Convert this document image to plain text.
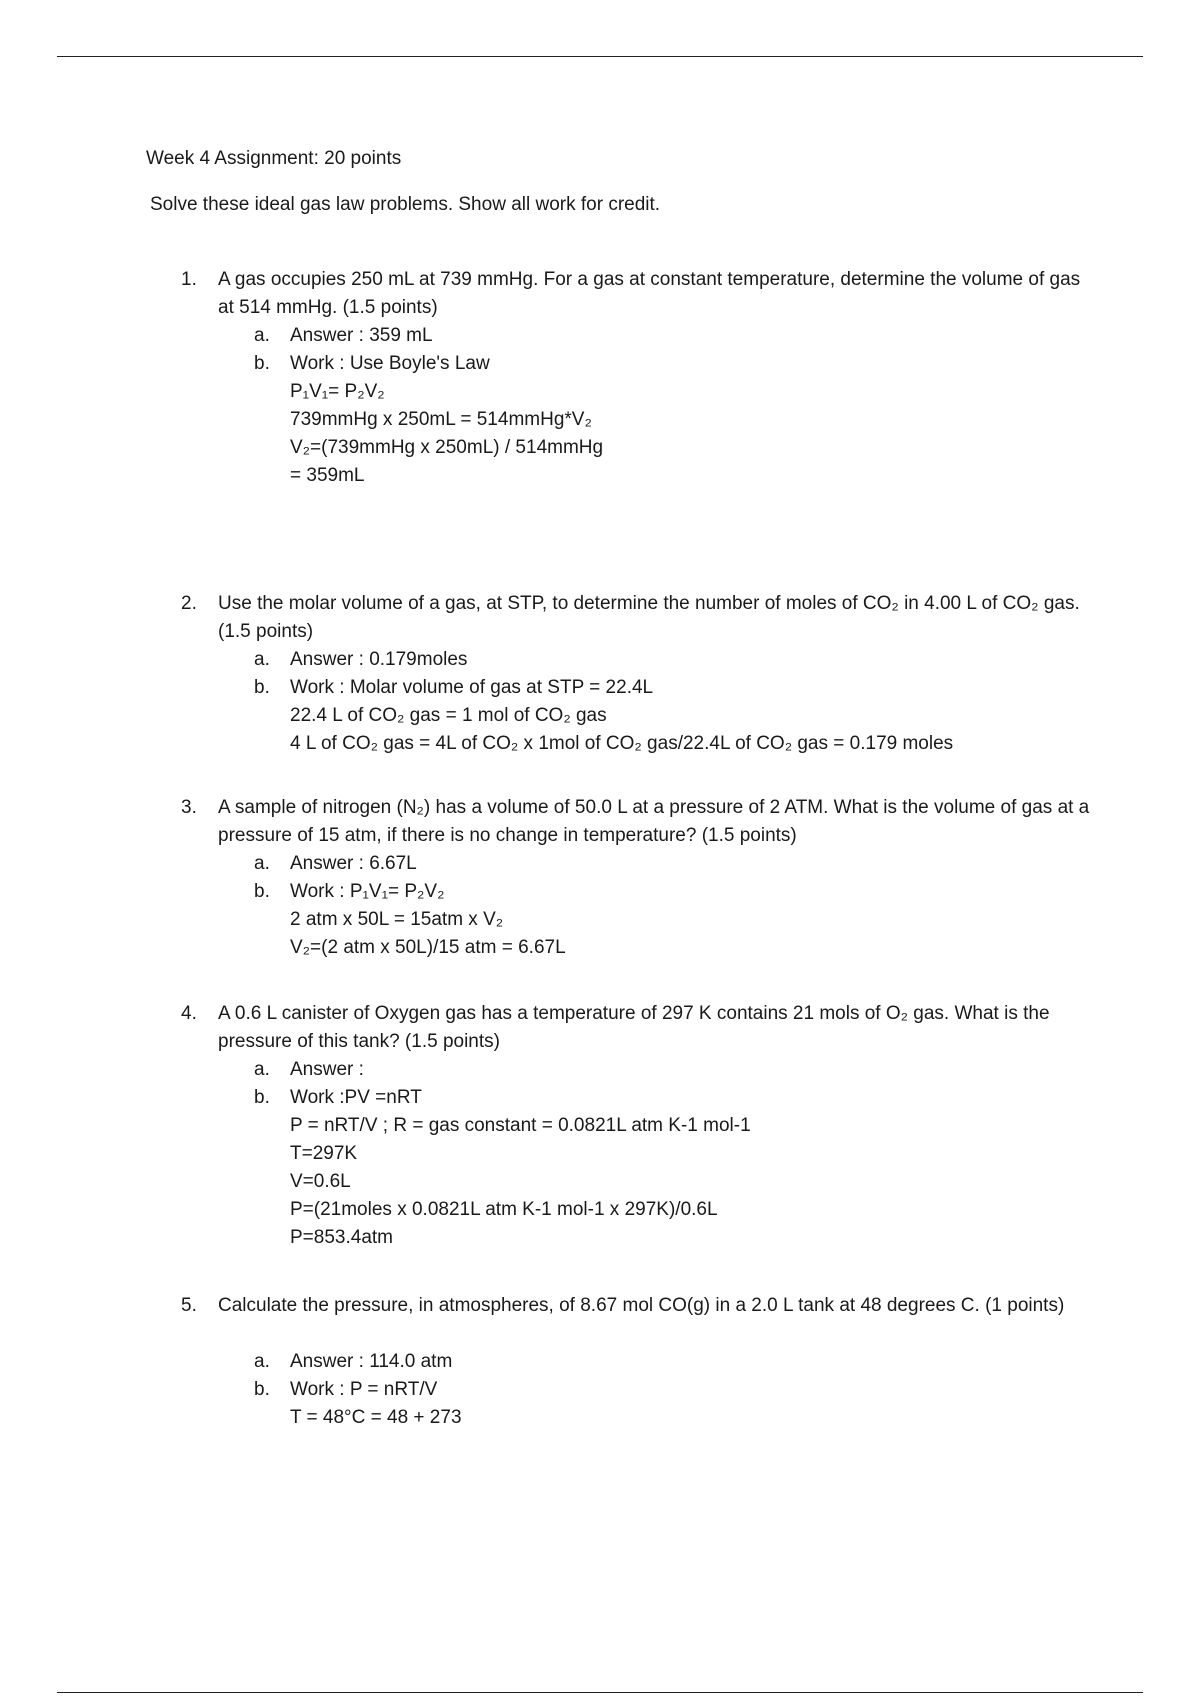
Week 4 Assignment: 20 points
Solve these ideal gas law problems. Show all work for credit.
1. A gas occupies 250 mL at 739 mmHg. For a gas at constant temperature, determine the volume of gas at 514 mmHg. (1.5 points)
a. Answer : 359 mL
b. Work : Use Boyle's Law
P₁V₁= P₂V₂
739mmHg x 250mL = 514mmHg*V₂
V₂=(739mmHg x 250mL) / 514mmHg
= 359mL
2. Use the molar volume of a gas, at STP, to determine the number of moles of CO₂ in 4.00 L of CO₂ gas. (1.5 points)
a. Answer : 0.179moles
b. Work : Molar volume of gas at STP = 22.4L
22.4 L of CO₂ gas = 1 mol of CO₂ gas
4 L of CO₂ gas = 4L of CO₂ x 1mol of CO₂ gas/22.4L of CO₂ gas = 0.179 moles
3. A sample of nitrogen (N₂) has a volume of 50.0 L at a pressure of 2 ATM. What is the volume of gas at a pressure of 15 atm, if there is no change in temperature? (1.5 points)
a. Answer : 6.67L
b. Work : P₁V₁= P₂V₂
2 atm x 50L = 15atm x V₂
V₂=(2 atm x 50L)/15 atm = 6.67L
4. A 0.6 L canister of Oxygen gas has a temperature of 297 K contains 21 mols of O₂ gas. What is the pressure of this tank? (1.5 points)
a. Answer :
b. Work :PV =nRT
P = nRT/V ; R = gas constant = 0.0821L atm K-1 mol-1
T=297K
V=0.6L
P=(21moles x 0.0821L atm K-1 mol-1 x 297K)/0.6L
P=853.4atm
5. Calculate the pressure, in atmospheres, of 8.67 mol CO(g) in a 2.0 L tank at 48 degrees C. (1 points)
a. Answer : 114.0 atm
b. Work : P = nRT/V
T = 48°C = 48 + 273
